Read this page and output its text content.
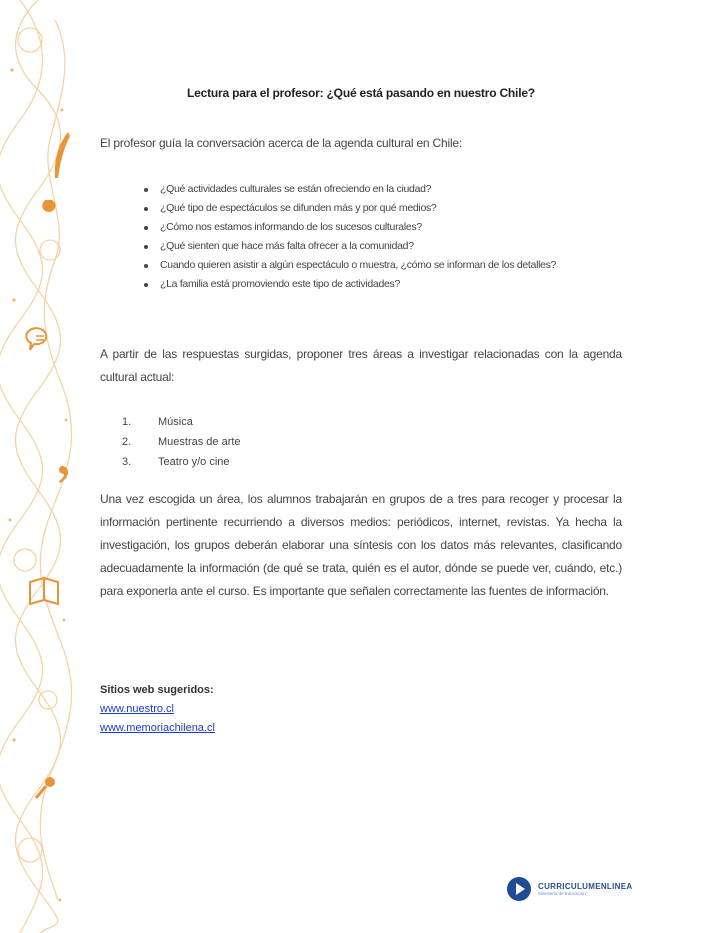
Lectura para el profesor: ¿Qué está pasando en nuestro Chile?

El profesor guía la conversación acerca de la agenda cultural en Chile:

¿Qué actividades culturales se están ofreciendo en la ciudad?
¿Qué tipo de espectáculos se difunden más y por qué medios?
¿Cómo nos estamos informando de los sucesos culturales?
¿Qué sienten que hace más falta ofrecer a la comunidad?
Cuando quieren asistir a algún espectáculo o muestra, ¿cómo se informan de los detalles?
¿La familia está promoviendo este tipo de actividades?

A partir de las respuestas surgidas, proponer tres áreas a investigar relacionadas con la agenda cultural actual:

1.	Música
2.	Muestras de arte
3.	Teatro y/o cine

Una vez escogida un área, los alumnos trabajarán en grupos de a tres para recoger y procesar la información pertinente recurriendo a diversos medios: periódicos, internet, revistas. Ya hecha la investigación, los grupos deberán elaborar una síntesis con los datos más relevantes, clasificando adecuadamente la información (de qué se trata, quién es el autor, dónde se puede ver, cuándo, etc.) para exponerla ante el curso. Es importante que señalen correctamente las fuentes de información.

Sitios web sugeridos:
www.nuestro.cl
www.memoriachilena.cl
CURRICULUMENLINEA
Ministerio de Educación
